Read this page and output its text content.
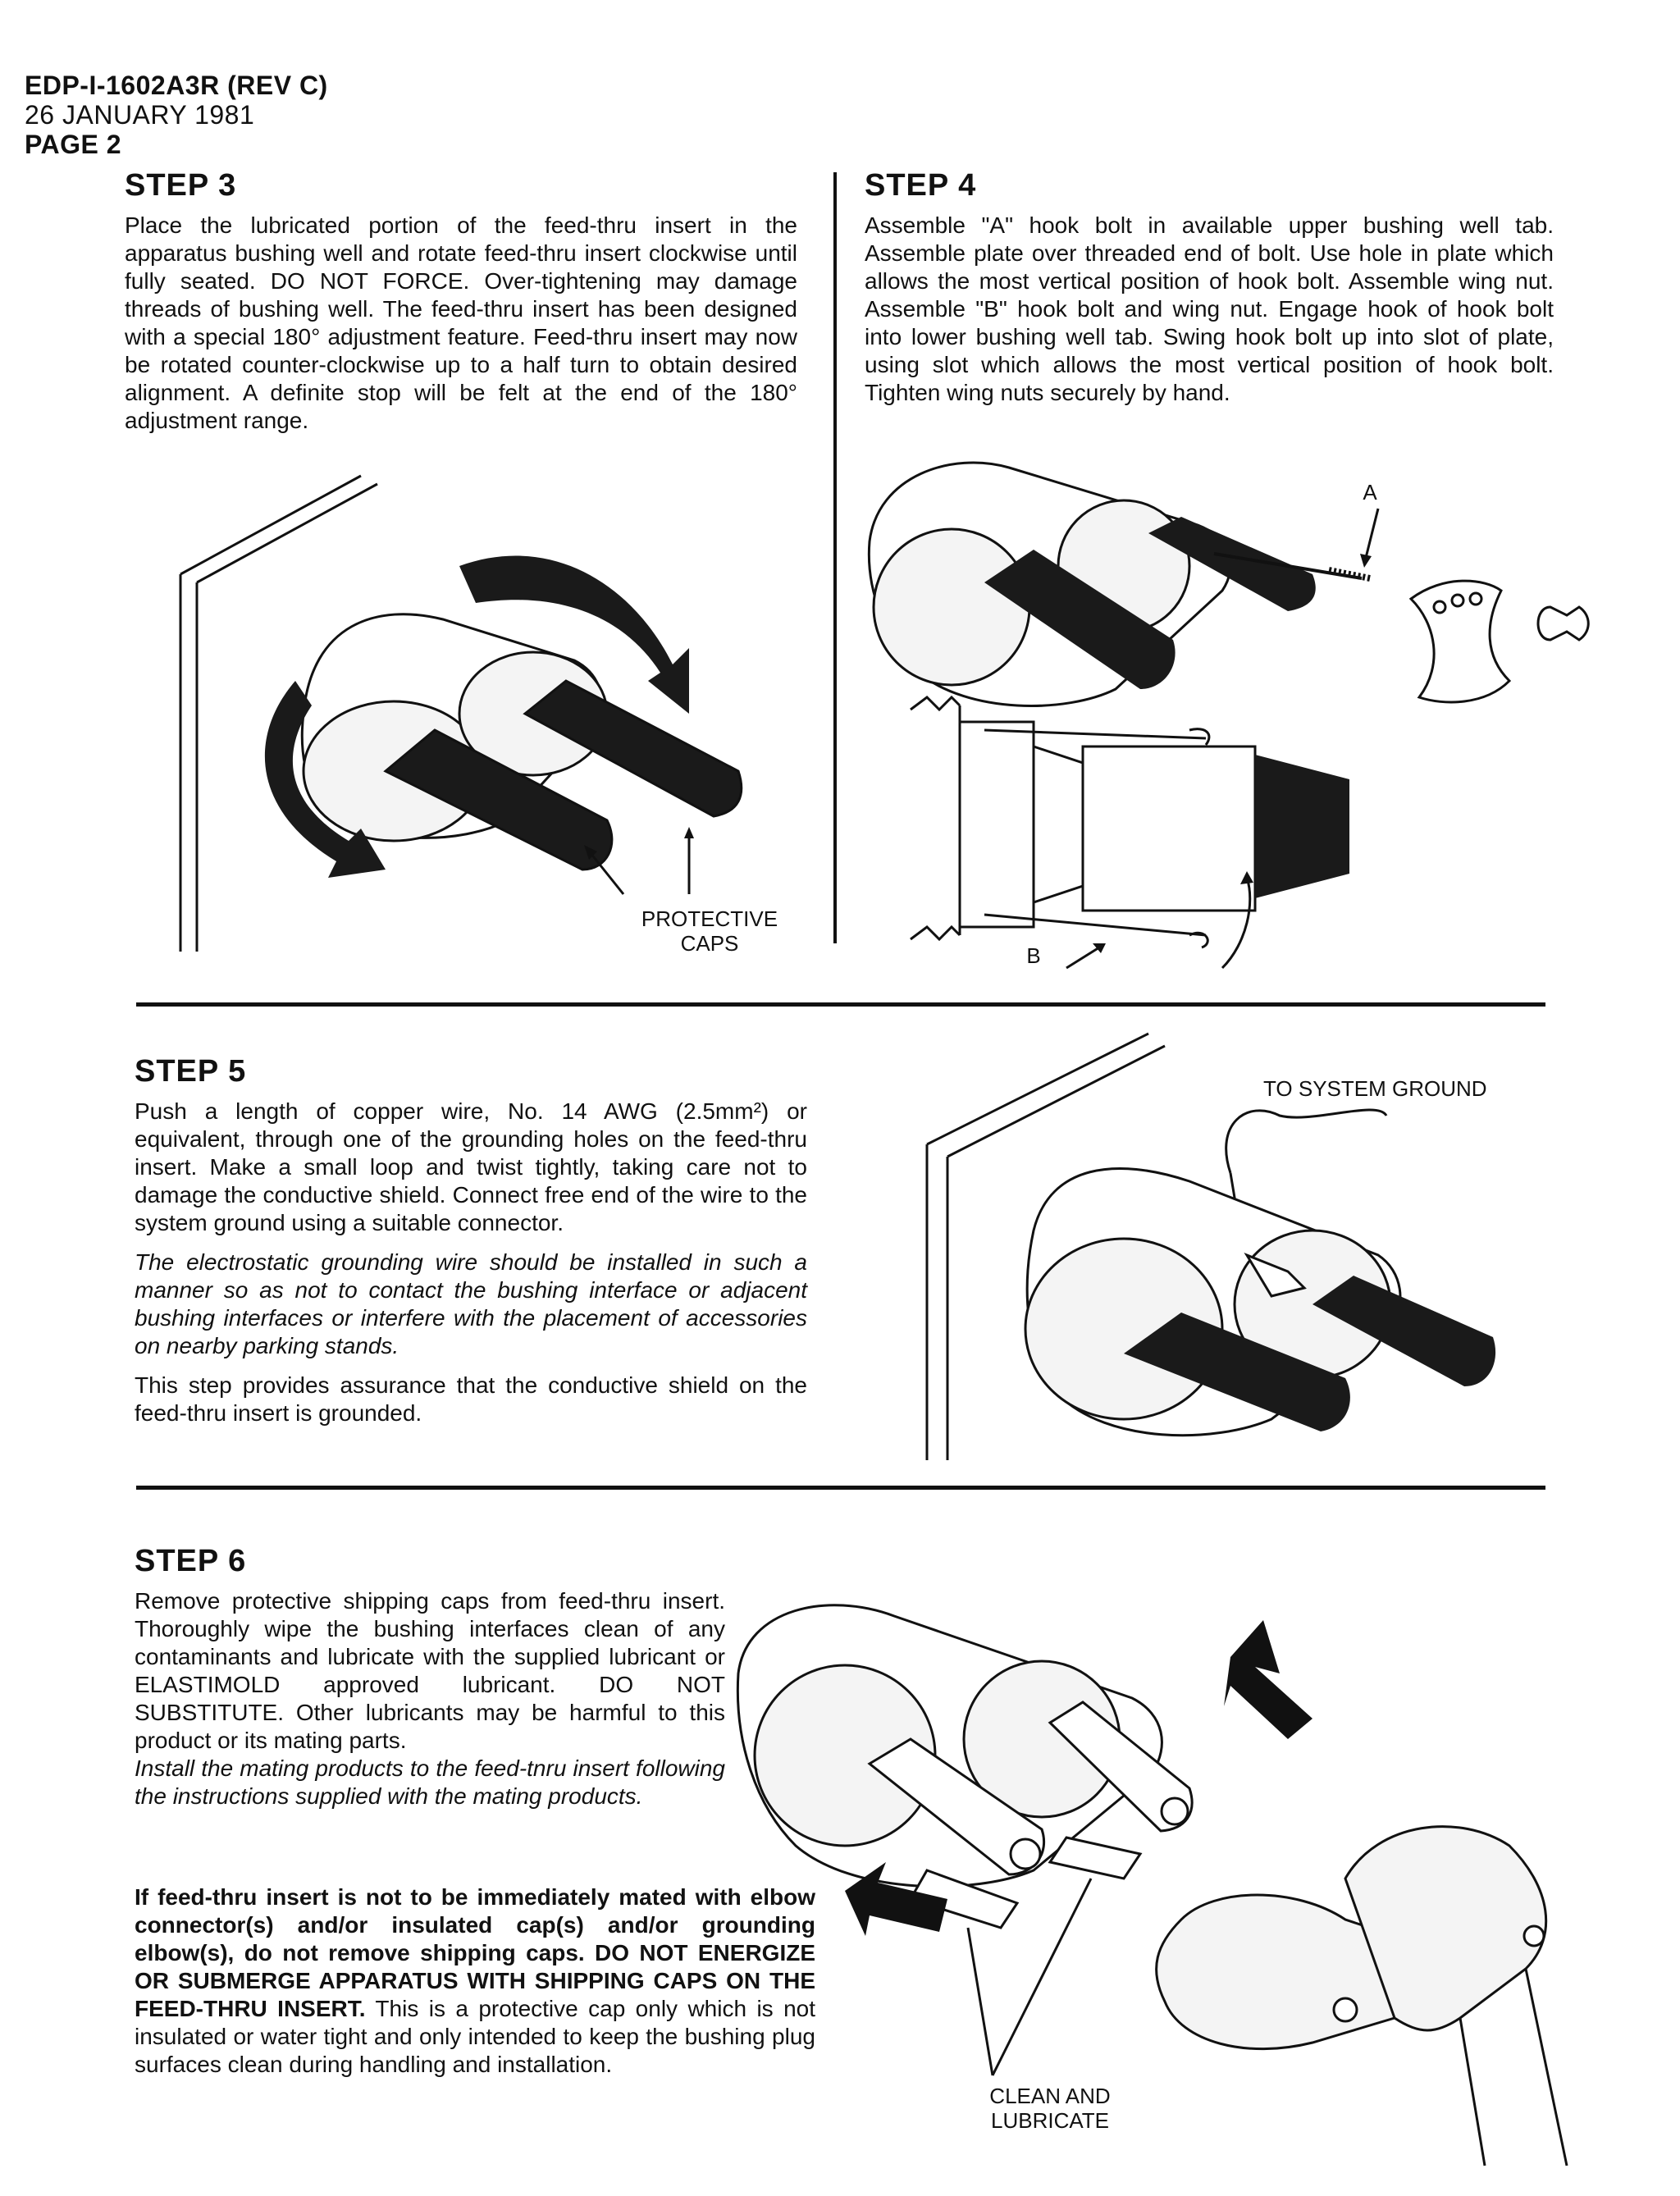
EDP-I-1602A3R (REV C)
26 JANUARY 1981
PAGE 2
STEP 3
Place the lubricated portion of the feed-thru insert in the apparatus bushing well and rotate feed-thru insert clockwise until fully seated. DO NOT FORCE. Over-tightening may damage threads of bushing well. The feed-thru insert has been designed with a special 180° adjustment feature. Feed-thru insert may now be rotated counter-clockwise up to a half turn to obtain desired alignment. A definite stop will be felt at the end of the 180° adjustment range.
PROTECTIVE
CAPS
STEP 4
Assemble "A" hook bolt in available upper bushing well tab. Assemble plate over threaded end of bolt. Use hole in plate which allows the most vertical position of hook bolt. Assemble wing nut. Assemble "B" hook bolt and wing nut. Engage hook of hook bolt into lower bushing well tab. Swing hook bolt up into slot of plate, using slot which allows the most vertical position of hook bolt. Tighten wing nuts securely by hand.
A
B
STEP 5
Push a length of copper wire, No. 14 AWG (2.5mm²) or equivalent, through one of the grounding holes on the feed-thru insert. Make a small loop and twist tightly, taking care not to damage the conductive shield. Connect free end of the wire to the system ground using a suitable connector.
The electrostatic grounding wire should be installed in such a manner so as not to contact the bushing interface or adjacent bushing interfaces or interfere with the placement of accessories on nearby parking stands.
This step provides assurance that the conductive shield on the feed-thru insert is grounded.
TO SYSTEM GROUND
STEP 6
Remove protective shipping caps from feed-thru insert. Thoroughly wipe the bushing interfaces clean of any contaminants and lubricate with the supplied lubricant or ELASTIMOLD approved lubricant. DO NOT SUBSTITUTE. Other lubricants may be harmful to this product or its mating parts.
Install the mating products to the feed-tnru insert following the instructions supplied with the mating products.
If feed-thru insert is not to be immediately mated with elbow connector(s) and/or insulated cap(s) and/or grounding elbow(s), do not remove shipping caps. DO NOT ENERGIZE OR SUBMERGE APPARATUS WITH SHIPPING CAPS ON THE FEED-THRU INSERT. This is a protective cap only which is not insulated or water tight and only intended to keep the bushing plug surfaces clean during handling and installation.
CLEAN AND
LUBRICATE
